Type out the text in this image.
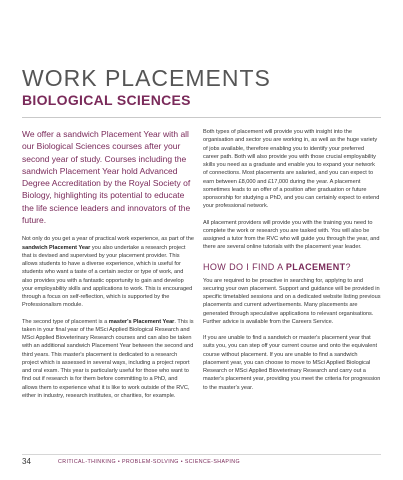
WORK PLACEMENTS
BIOLOGICAL SCIENCES

We offer a sandwich Placement Year with all our Biological Sciences courses after your second year of study. Courses including the sandwich Placement Year hold Advanced Degree Accreditation by the Royal Society of Biology, highlighting its potential to educate the life science leaders and innovators of the future.

Not only do you get a year of practical work experience, as part of the sandwich Placement Year you also undertake a research project that is devised and supervised by your placement provider. This allows students to have a diverse experience, which is useful for students who want a taste of a certain sector or type of work, and also provides you with a fantastic opportunity to gain and develop your employability skills and applications to work. This is encouraged through a focus on self-reflection, which is supported by the Professionalism module.

The second type of placement is a master's Placement Year. This is taken in your final year of the MSci Applied Biological Research and MSci Applied Bioveterinary Research courses and can also be taken with an additional sandwich Placement Year between the second and third years. This master's placement is dedicated to a research project which is assessed in several ways, including a project report and oral exam. This year is particularly useful for those who want to find out if research is for them before committing to a PhD, and allows them to experience what it is like to work outside of the RVC, either in industry, research institutes, or charities, for example.

Both types of placement will provide you with insight into the organisation and sector you are working in, as well as the huge variety of jobs available, therefore enabling you to identify your preferred career path. Both will also provide you with those crucial employability skills you need as a graduate and enable you to expand your network of connections. Most placements are salaried, and you can expect to earn between £8,000 and £17,000 during the year. A placement sometimes leads to an offer of a position after graduation or future sponsorship for studying a PhD, and you can certainly expect to extend your professional network.

All placement providers will provide you with the training you need to complete the work or research you are tasked with. You will also be assigned a tutor from the RVC who will guide you through the year, and there are several online tutorials with the placement year leader.

HOW DO I FIND A PLACEMENT?

You are required to be proactive in searching for, applying to and securing your own placement. Support and guidance will be provided in specific timetabled sessions and on a dedicated website listing previous placements and current advertisements. Many placements are generated through speculative applications to relevant organisations. Further advice is available from the Careers Service.

If you are unable to find a sandwich or master's placement year that suits you, you can step off your current course and onto the equivalent course without placement. If you are unable to find a sandwich placement year, you can choose to move to MSci Applied Biological Research or MSci Applied Bioveterinary Research and carry out a master's placement year, providing you meet the criteria for progression to the master's year.

34	CRITICAL-THINKING • PROBLEM-SOLVING • SCIENCE-SHAPING
